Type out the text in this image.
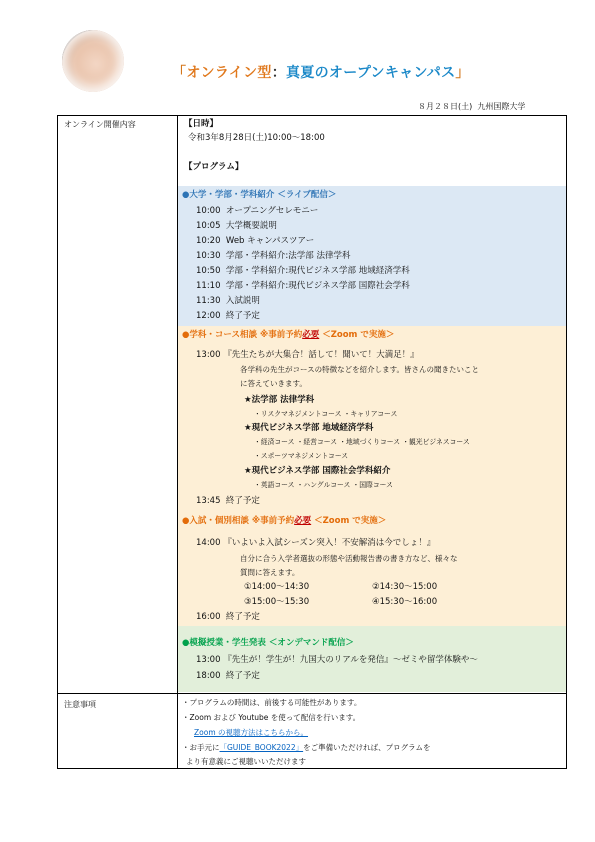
「オンライン型：真夏のオープンキャンパス」
８月２８日(土) 九州国際大学
オンライン開催内容
注意事項
【日時】
令和3年8月28日(土)10:00～18:00
【プログラム】
●大学・学部・学科紹介 ＜ライブ配信＞
10:00 オープニングセレモニー
10:05 大学概要説明
10:20 Web キャンパスツアー
10:30 学部・学科紹介:法学部 法律学科
10:50 学部・学科紹介:現代ビジネス学部 地域経済学科
11:10 学部・学科紹介:現代ビジネス学部 国際社会学科
11:30 入試説明
12:00 終了予定
●学科・コース相談 ※事前予約必要 ＜Zoom で実施＞
13:00 『先生たちが大集合！話して！聞いて！大満足！』
各学科の先生がコースの特徴などを紹介します。皆さんの聞きたいこと
に答えていきます。
★法学部 法律学科
・リスクマネジメントコース ・キャリアコース
★現代ビジネス学部 地域経済学科
・経済コース ・経営コース ・地域づくりコース ・観光ビジネスコース
・スポーツマネジメントコース
★現代ビジネス学部 国際社会学科紹介
・英語コース ・ハングルコース ・国際コース
13:45 終了予定
●入試・個別相談 ※事前予約必要 ＜Zoom で実施＞
14:00 『いよいよ入試シーズン突入！不安解消は今でしょ！』
自分に合う入学者選抜の形態や活動報告書の書き方など、様々な
質問に答えます。
①14:00～14:30	②14:30～15:00
③15:00～15:30	④15:30～16:00
16:00 終了予定
●模擬授業・学生発表 ＜オンデマンド配信＞
13:00 『先生が！学生が！九国大のリアルを発信』～ゼミや留学体験や～
18:00 終了予定
・プログラムの時間は、前後する可能性があります。
・Zoom および Youtube を使って配信を行います。
Zoom の視聴方法はこちらから。
・お手元に「GUIDE_BOOK2022」をご準備いただければ、プログラムを
より有意義にご視聴いいただけます
